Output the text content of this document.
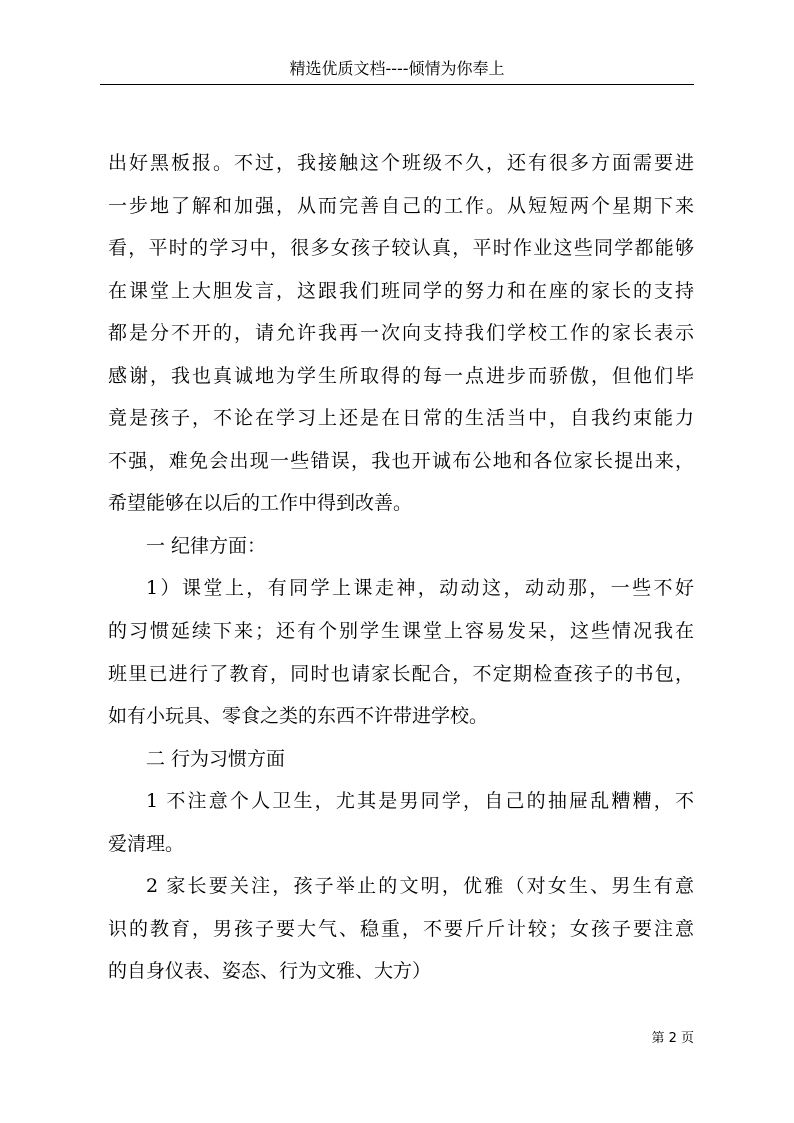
精选优质文档----倾情为你奉上
出好黑板报。不过，我接触这个班级不久，还有很多方面需要进
一步地了解和加强，从而完善自己的工作。从短短两个星期下来
看，平时的学习中，很多女孩子较认真，平时作业这些同学都能够
在课堂上大胆发言，这跟我们班同学的努力和在座的家长的支持
都是分不开的，请允许我再一次向支持我们学校工作的家长表示
感谢，我也真诚地为学生所取得的每一点进步而骄傲，但他们毕
竟是孩子，不论在学习上还是在日常的生活当中，自我约束能力
不强，难免会出现一些错误，我也开诚布公地和各位家长提出来，
希望能够在以后的工作中得到改善。
一 纪律方面：
1）课堂上，有同学上课走神，动动这，动动那，一些不好
的习惯延续下来；还有个别学生课堂上容易发呆，这些情况我在
班里已进行了教育，同时也请家长配合，不定期检查孩子的书包，
如有小玩具、零食之类的东西不许带进学校。
二 行为习惯方面
1 不注意个人卫生，尤其是男同学，自己的抽屉乱糟糟，不
爱清理。
2 家长要关注，孩子举止的文明，优雅（对女生、男生有意
识的教育，男孩子要大气、稳重，不要斤斤计较；女孩子要注意
的自身仪表、姿态、行为文雅、大方）
第 2 页
